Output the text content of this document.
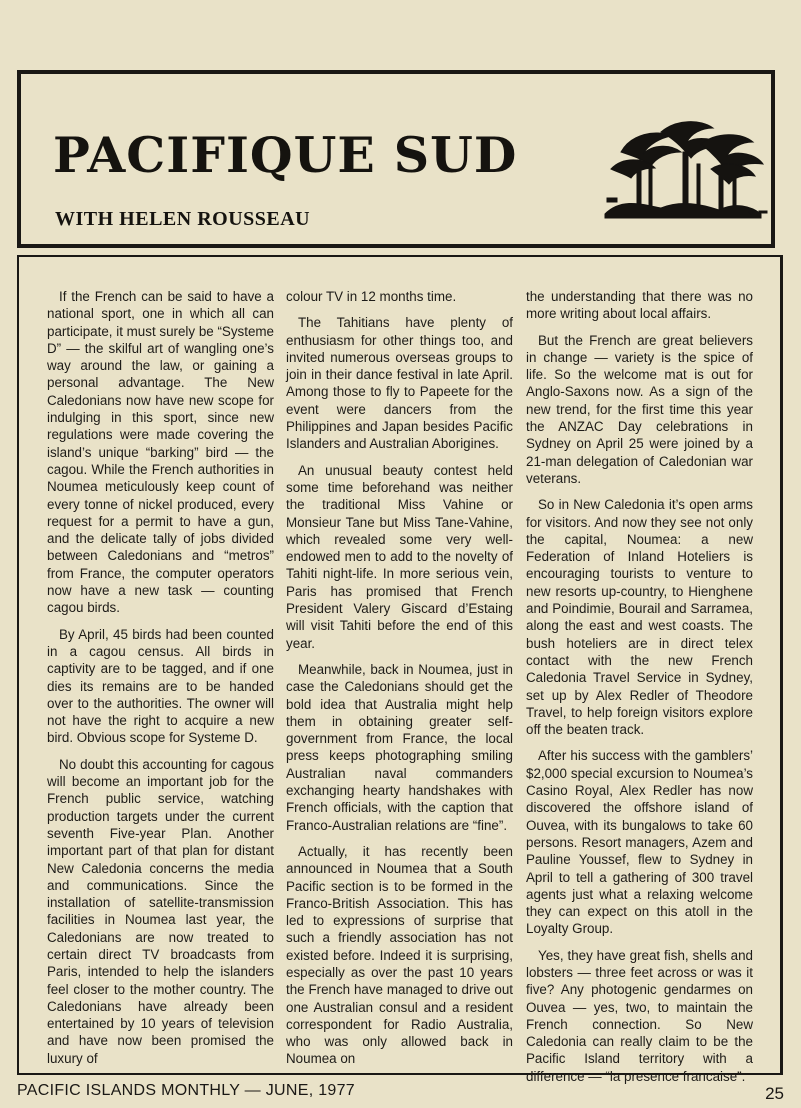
PACIFIQUE SUD
WITH HELEN ROUSSEAU

If the French can be said to have a national sport, one in which all can participate, it must surely be “Systeme D” — the skilful art of wangling one’s way around the law, or gaining a personal advantage. The New Caledonians now have new scope for indulging in this sport, since new regulations were made covering the island’s unique “barking” bird — the cagou. While the French authorities in Noumea meticulously keep count of every tonne of nickel produced, every request for a permit to have a gun, and the delicate tally of jobs divided between Caledonians and “metros” from France, the computer operators now have a new task — counting cagou birds.

By April, 45 birds had been counted in a cagou census. All birds in captivity are to be tagged, and if one dies its remains are to be handed over to the authorities. The owner will not have the right to acquire a new bird. Obvious scope for Systeme D.

No doubt this accounting for cagous will become an important job for the French public service, watching production targets under the current seventh Five-year Plan. Another important part of that plan for distant New Caledonia concerns the media and communications. Since the installation of satellite-transmission facilities in Noumea last year, the Caledonians are now treated to certain direct TV broadcasts from Paris, intended to help the islanders feel closer to the mother country. The Caledonians have already been entertained by 10 years of television and have now been promised the luxury of

colour TV in 12 months time.

The Tahitians have plenty of enthusiasm for other things too, and invited numerous overseas groups to join in their dance festival in late April. Among those to fly to Papeete for the event were dancers from the Philippines and Japan besides Pacific Islanders and Australian Aborigines.

An unusual beauty contest held some time beforehand was neither the traditional Miss Vahine or Monsieur Tane but Miss Tane-Vahine, which revealed some very well-endowed men to add to the novelty of Tahiti night-life. In more serious vein, Paris has promised that French President Valery Giscard d’Estaing will visit Tahiti before the end of this year.

Meanwhile, back in Noumea, just in case the Caledonians should get the bold idea that Australia might help them in obtaining greater self-government from France, the local press keeps photographing smiling Australian naval commanders exchanging hearty handshakes with French officials, with the caption that Franco-Australian relations are “fine”.

Actually, it has recently been announced in Noumea that a South Pacific section is to be formed in the Franco-British Association. This has led to expressions of surprise that such a friendly association has not existed before. Indeed it is surprising, especially as over the past 10 years the French have managed to drive out one Australian consul and a resident correspondent for Radio Australia, who was only allowed back in Noumea on

the understanding that there was no more writing about local affairs.

But the French are great believers in change — variety is the spice of life. So the welcome mat is out for Anglo-Saxons now. As a sign of the new trend, for the first time this year the ANZAC Day celebrations in Sydney on April 25 were joined by a 21-man delegation of Caledonian war veterans.

So in New Caledonia it’s open arms for visitors. And now they see not only the capital, Noumea: a new Federation of Inland Hoteliers is encouraging tourists to venture to new resorts up-country, to Hienghene and Poindimie, Bourail and Sarramea, along the east and west coasts. The bush hoteliers are in direct telex contact with the new French Caledonia Travel Service in Sydney, set up by Alex Redler of Theodore Travel, to help foreign visitors explore off the beaten track.

After his success with the gamblers’ $2,000 special excursion to Noumea’s Casino Royal, Alex Redler has now discovered the offshore island of Ouvea, with its bungalows to take 60 persons. Resort managers, Azem and Pauline Youssef, flew to Sydney in April to tell a gathering of 300 travel agents just what a relaxing welcome they can expect on this atoll in the Loyalty Group.

Yes, they have great fish, shells and lobsters — three feet across or was it five? Any photogenic gendarmes on Ouvea — yes, two, to maintain the French connection. So New Caledonia can really claim to be the Pacific Island territory with a difference — “la presence francaise”.

PACIFIC ISLANDS MONTHLY — JUNE, 1977	25
